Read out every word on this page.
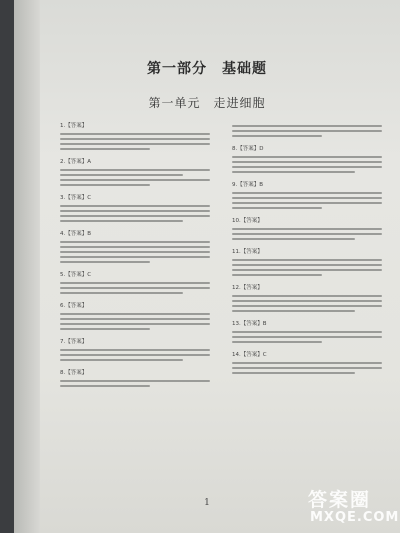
第一部分　基础题
第一单元　走进细胞
1.【答案】
2.【答案】A
3.【答案】C
4.【答案】B
5.【答案】C
6.【答案】
7.【答案】
8.【答案】
8.【答案】D
9.【答案】B
10.【答案】
11.【答案】
12.【答案】
13.【答案】B
14.【答案】C
1	答案圈
MXQE.COM
